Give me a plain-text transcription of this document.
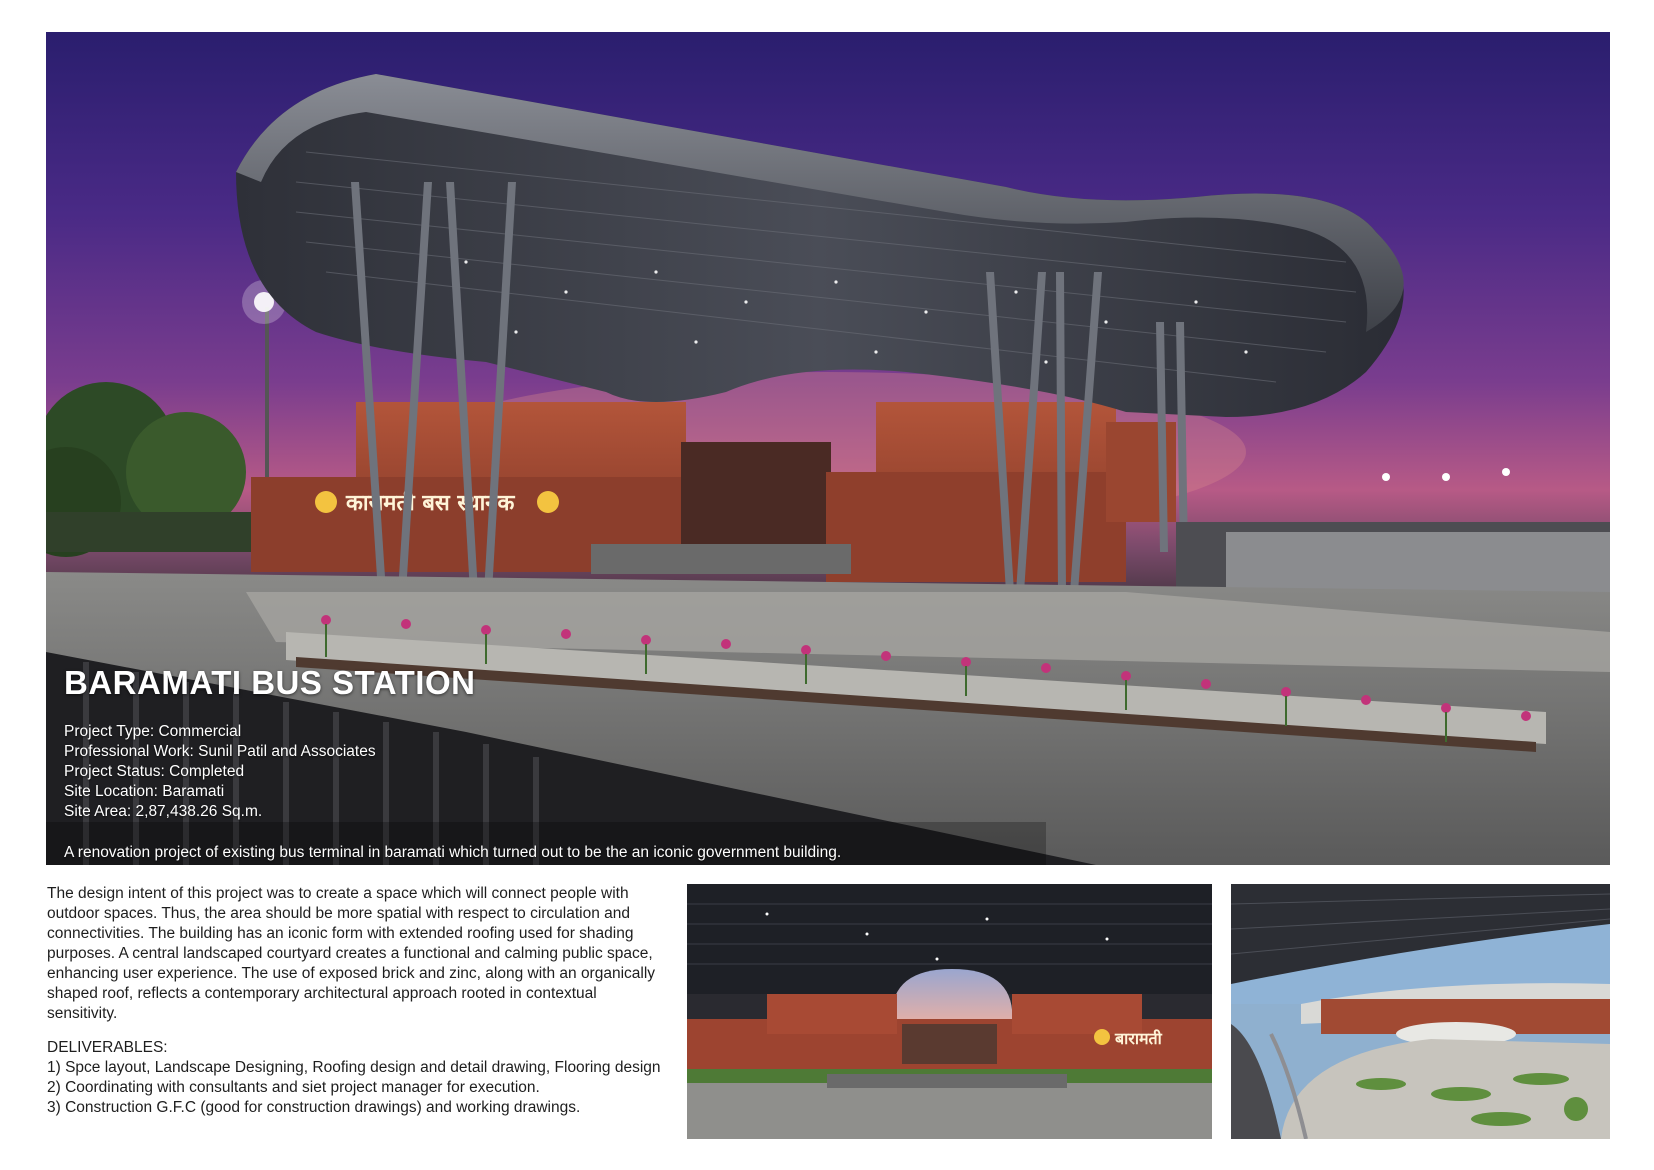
कारामती बस स्थानक
BARAMATI BUS STATION
Project Type: Commercial
Professional Work: Sunil Patil and Associates
Project Status: Completed
Site Location: Baramati
Site Area: 2,87,438.26 Sq.m.
A renovation project of existing bus terminal in baramati which turned out to be the an iconic government building.
The design intent of this project was to create a space which will connect people with outdoor spaces. Thus, the area should be more spatial with respect to circulation and connectivities. The building has an iconic form with extended roofing used for shading purposes. A central landscaped courtyard creates a functional and calming public space, enhancing user experience. The use of exposed brick and zinc, along with an organically shaped roof, reflects a contemporary architectural approach rooted in contextual sensitivity.
DELIVERABLES:
1) Spce layout, Landscape Designing, Roofing design and detail drawing, Flooring design
2) Coordinating with consultants and siet project manager for execution.
3) Construction G.F.C (good for construction drawings) and working drawings.
बारामती
